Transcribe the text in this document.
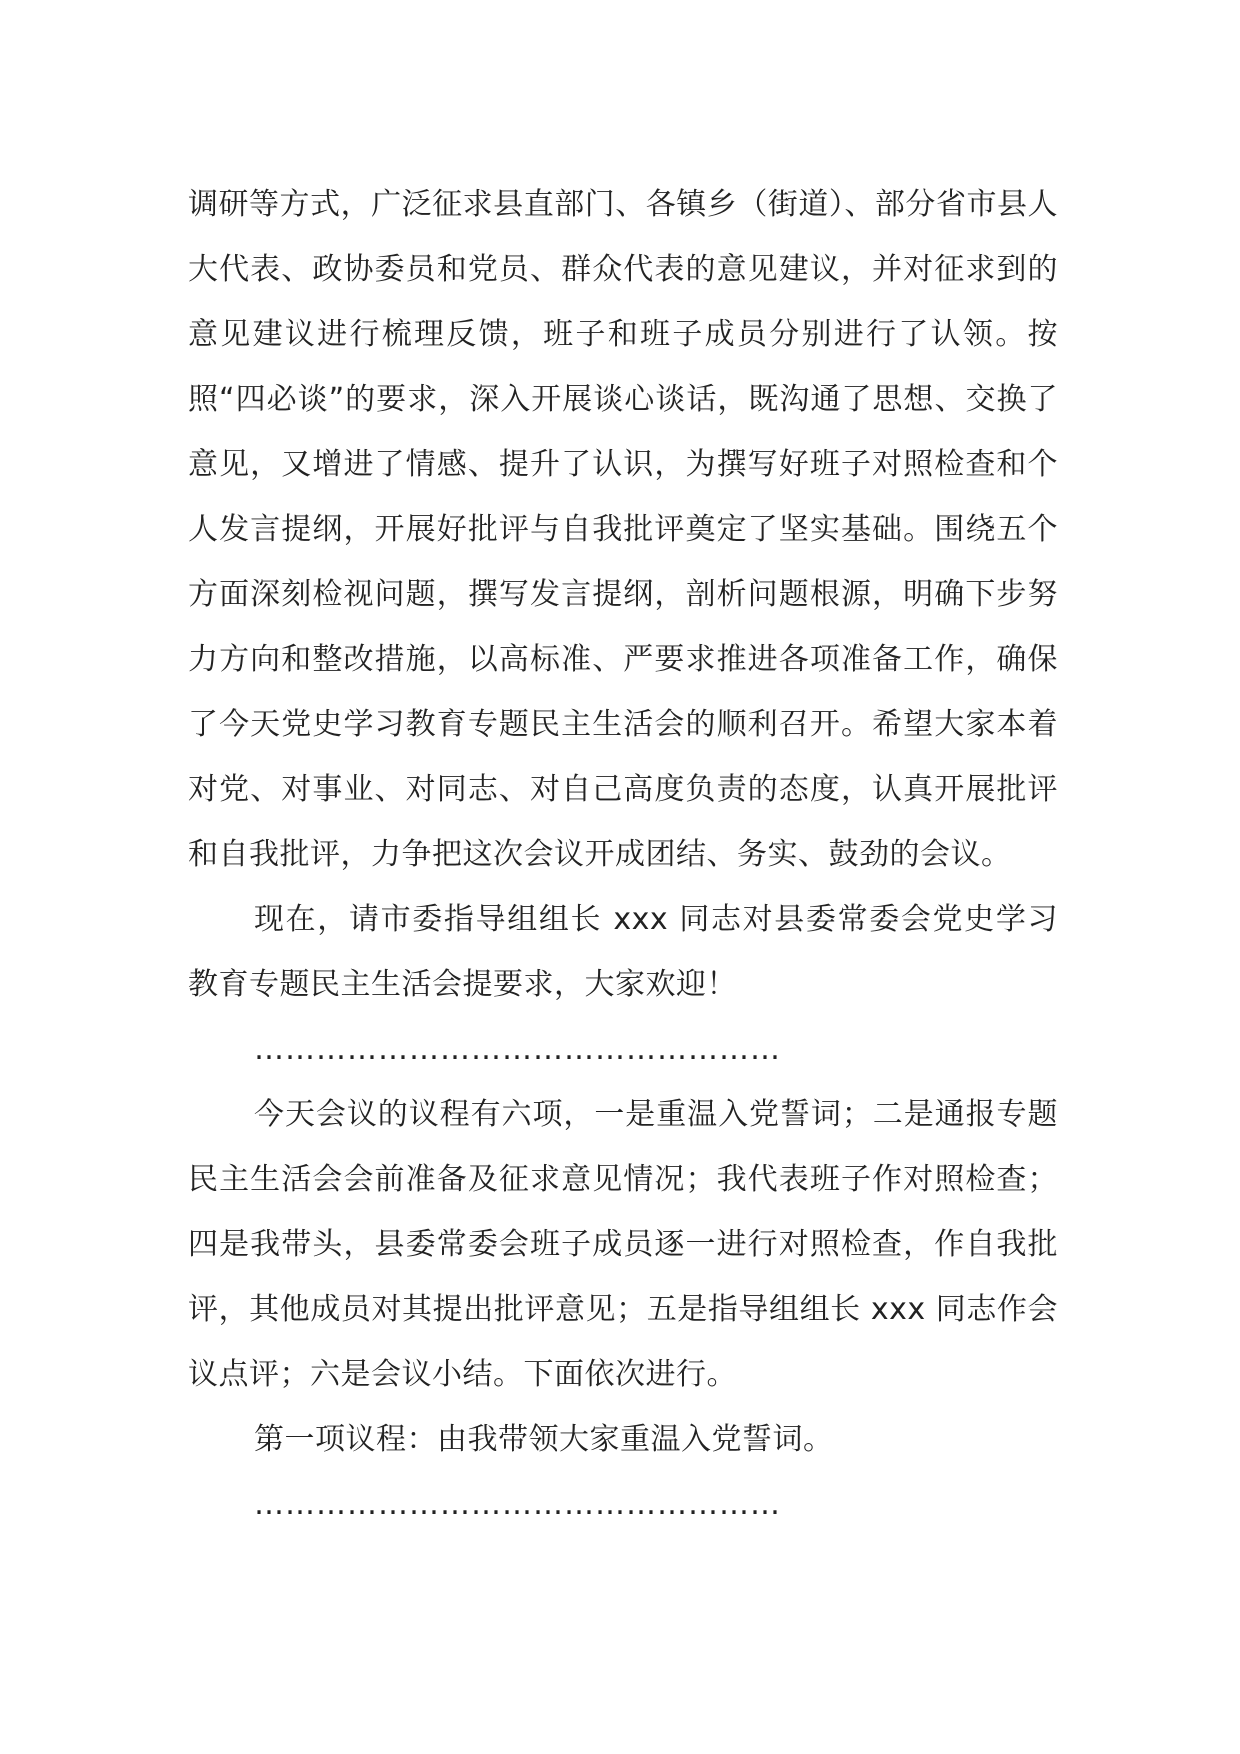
调研等方式，广泛征求县直部门、各镇乡（街道）、部分省市县人大代表、政协委员和党员、群众代表的意见建议，并对征求到的意见建议进行梳理反馈，班子和班子成员分别进行了认领。按照“四必谈”的要求，深入开展谈心谈话，既沟通了思想、交换了意见，又增进了情感、提升了认识，为撰写好班子对照检查和个人发言提纲，开展好批评与自我批评奠定了坚实基础。围绕五个方面深刻检视问题，撰写发言提纲，剖析问题根源，明确下步努力方向和整改措施，以高标准、严要求推进各项准备工作，确保了今天党史学习教育专题民主生活会的顺利召开。希望大家本着对党、对事业、对同志、对自己高度负责的态度，认真开展批评和自我批评，力争把这次会议开成团结、务实、鼓劲的会议。

现在，请市委指导组组长 xxx 同志对县委常委会党史学习教育专题民主生活会提要求，大家欢迎！

……………………………………………

今天会议的议程有六项，一是重温入党誓词；二是通报专题民主生活会会前准备及征求意见情况；我代表班子作对照检查；四是我带头，县委常委会班子成员逐一进行对照检查，作自我批评，其他成员对其提出批评意见；五是指导组组长 xxx 同志作会议点评；六是会议小结。下面依次进行。

第一项议程：由我带领大家重温入党誓词。

……………………………………………
